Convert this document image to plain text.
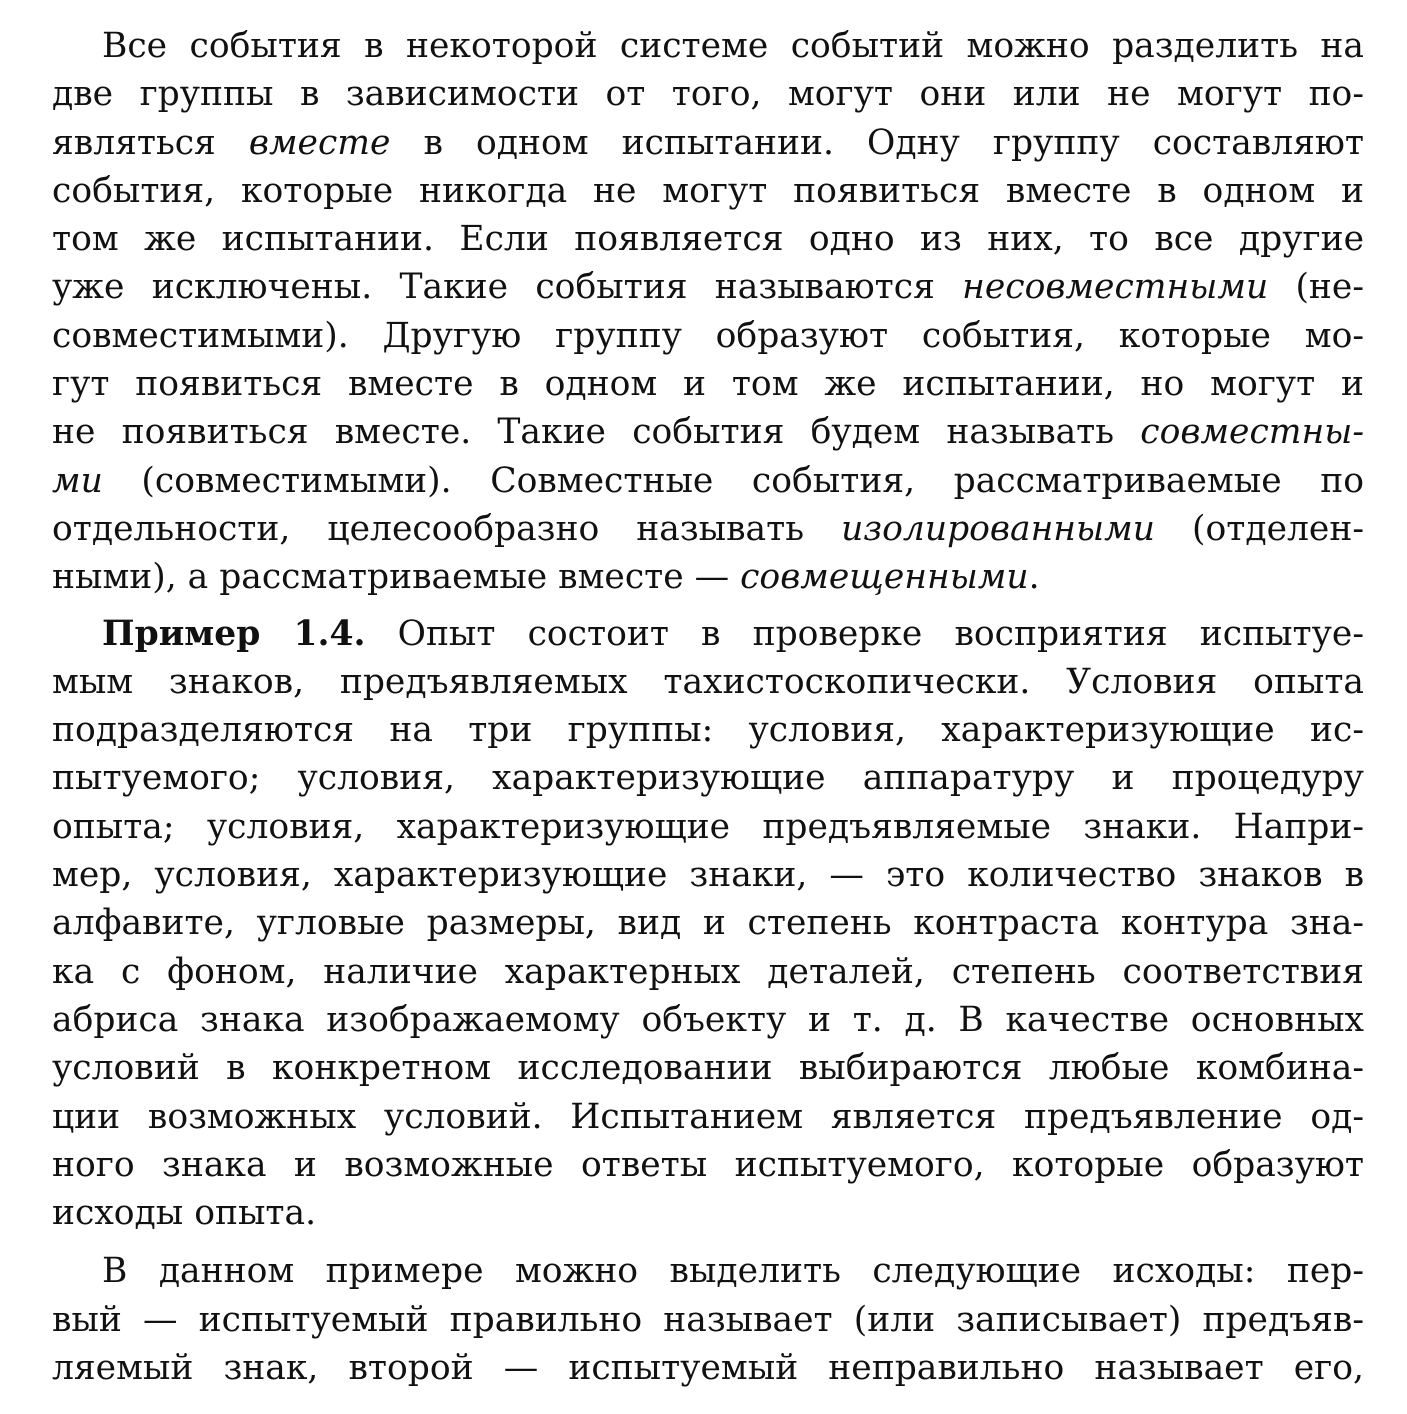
Все события в некоторой системе событий можно разделить на
две группы в зависимости от того, могут они или не могут по-
являться вместе в одном испытании. Одну группу составляют
события, которые никогда не могут появиться вместе в одном и
том же испытании. Если появляется одно из них, то все другие
уже исключены. Такие события называются несовместными (не-
совместимыми). Другую группу образуют события, которые мо-
гут появиться вместе в одном и том же испытании, но могут и
не появиться вместе. Такие события будем называть совместны-
ми (совместимыми). Совместные события, рассматриваемые по
отдельности, целесообразно называть изолированными (отделен-
ными), а рассматриваемые вместе — совмещенными.
Пример 1.4. Опыт состоит в проверке восприятия испытуе-
мым знаков, предъявляемых тахистоскопически. Условия опыта
подразделяются на три группы: условия, характеризующие ис-
пытуемого; условия, характеризующие аппаратуру и процедуру
опыта; условия, характеризующие предъявляемые знаки. Напри-
мер, условия, характеризующие знаки, — это количество знаков в
алфавите, угловые размеры, вид и степень контраста контура зна-
ка с фоном, наличие характерных деталей, степень соответствия
абриса знака изображаемому объекту и т. д. В качестве основных
условий в конкретном исследовании выбираются любые комбина-
ции возможных условий. Испытанием является предъявление од-
ного знака и возможные ответы испытуемого, которые образуют
исходы опыта.
В данном примере можно выделить следующие исходы: пер-
вый — испытуемый правильно называет (или записывает) предъяв-
ляемый знак, второй — испытуемый неправильно называет его,
